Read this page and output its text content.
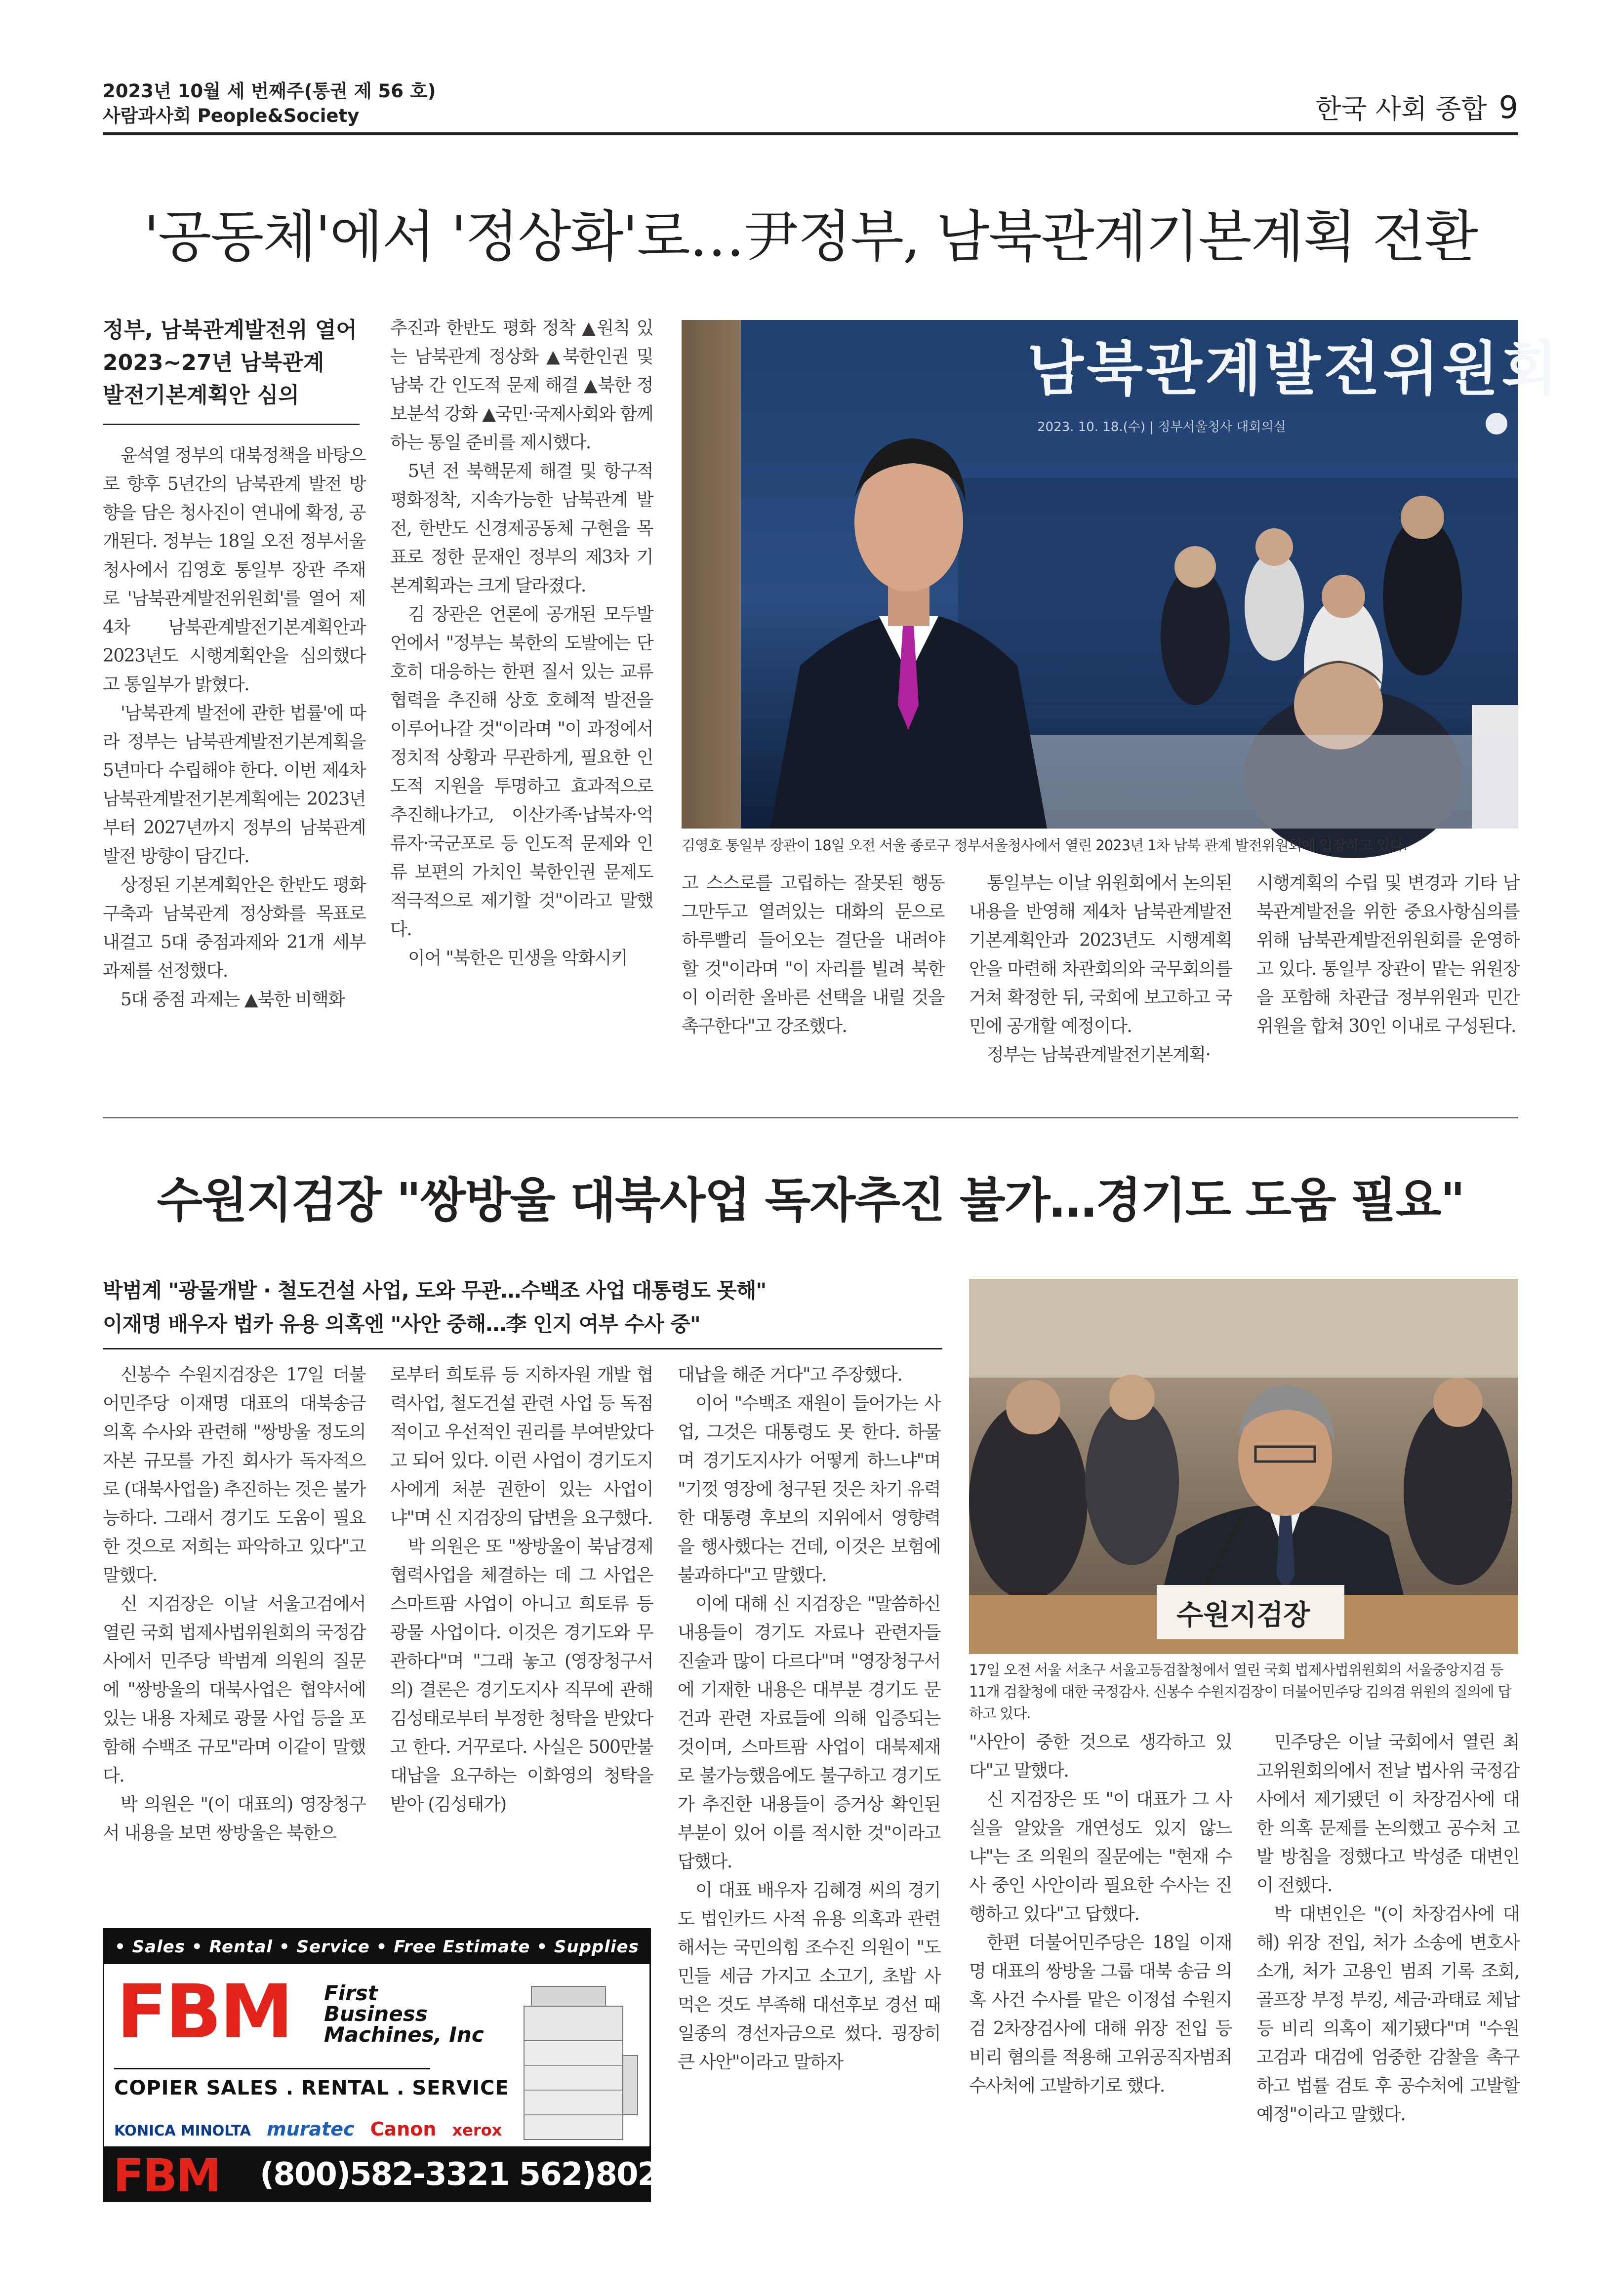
2023년 10월 세 번째주(통권 제 56 호)
사람과사회 People&Society	한국 사회 종합 9
'공동체'에서 '정상화'로…尹정부, 남북관계기본계획 전환
정부, 남북관계발전위 열어
2023~27년 남북관계
발전기본계획안 심의

윤석열 정부의 대북정책을 바탕으로 향후 5년간의 남북관계 발전 방향을 담은 청사진이 연내에 확정, 공개된다. 정부는 18일 오전 정부서울청사에서 김영호 통일부 장관 주재로 '남북관계발전위원회'를 열어 제4차 남북관계발전기본계획안과 2023년도 시행계획안을 심의했다고 통일부가 밝혔다.

'남북관계 발전에 관한 법률'에 따라 정부는 남북관계발전기본계획을 5년마다 수립해야 한다. 이번 제4차 남북관계발전기본계획에는 2023년부터 2027년까지 정부의 남북관계 발전 방향이 담긴다.

상정된 기본계획안은 한반도 평화구축과 남북관계 정상화를 목표로 내걸고 5대 중점과제와 21개 세부과제를 선정했다.

5대 중점 과제는 ▲북한 비핵화

추진과 한반도 평화 정착 ▲원칙 있는 남북관계 정상화 ▲북한인권 및 남북 간 인도적 문제 해결 ▲북한 정보분석 강화 ▲국민·국제사회와 함께하는 통일 준비를 제시했다.

5년 전 북핵문제 해결 및 항구적 평화정착, 지속가능한 남북관계 발전, 한반도 신경제공동체 구현을 목표로 정한 문재인 정부의 제3차 기본계획과는 크게 달라졌다.

김 장관은 언론에 공개된 모두발언에서 "정부는 북한의 도발에는 단호히 대응하는 한편 질서 있는 교류협력을 추진해 상호 호혜적 발전을 이루어나갈 것"이라며 "이 과정에서 정치적 상황과 무관하게, 필요한 인도적 지원을 투명하고 효과적으로 추진해나가고, 이산가족·납북자·억류자·국군포로 등 인도적 문제와 인류 보편의 가치인 북한인권 문제도 적극적으로 제기할 것"이라고 말했다.

이어 "북한은 민생을 악화시키

남북관계발전위원회
2023. 10. 18.(수) | 정부서울청사 대회의실
김영호 통일부 장관이 18일 오전 서울 종로구 정부서울청사에서 열린 2023년 1차 남북 관계 발전위원회에 입장하고 있다.

고 스스로를 고립하는 잘못된 행동 그만두고 열려있는 대화의 문으로 하루빨리 들어오는 결단을 내려야 할 것"이라며 "이 자리를 빌려 북한이 이러한 올바른 선택을 내릴 것을 촉구한다"고 강조했다.

통일부는 이날 위원회에서 논의된 내용을 반영해 제4차 남북관계발전기본계획안과 2023년도 시행계획안을 마련해 차관회의와 국무회의를 거쳐 확정한 뒤, 국회에 보고하고 국민에 공개할 예정이다.

정부는 남북관계발전기본계획·

시행계획의 수립 및 변경과 기타 남북관계발전을 위한 중요사항심의를 위해 남북관계발전위원회를 운영하고 있다. 통일부 장관이 맡는 위원장을 포함해 차관급 정부위원과 민간위원을 합쳐 30인 이내로 구성된다.

수원지검장 "쌍방울 대북사업 독자추진 불가…경기도 도움 필요"
박범계 "광물개발 · 철도건설 사업, 도와 무관…수백조 사업 대통령도 못해"
이재명 배우자 법카 유용 의혹엔 "사안 중해…李 인지 여부 수사 중"

신봉수 수원지검장은 17일 더불어민주당 이재명 대표의 대북송금 의혹 수사와 관련해 "쌍방울 정도의 자본 규모를 가진 회사가 독자적으로 (대북사업을) 추진하는 것은 불가능하다. 그래서 경기도 도움이 필요한 것으로 저희는 파악하고 있다"고 말했다.

신 지검장은 이날 서울고검에서 열린 국회 법제사법위원회의 국정감사에서 민주당 박범계 의원의 질문에 "쌍방울의 대북사업은 협약서에 있는 내용 자체로 광물 사업 등을 포함해 수백조 규모"라며 이같이 말했다.

박 의원은 "(이 대표의) 영장청구서 내용을 보면 쌍방울은 북한으

로부터 희토류 등 지하자원 개발 협력사업, 철도건설 관련 사업 등 독점적이고 우선적인 권리를 부여받았다고 되어 있다. 이런 사업이 경기도지사에게 처분 권한이 있는 사업이냐"며 신 지검장의 답변을 요구했다.

박 의원은 또 "쌍방울이 북남경제협력사업을 체결하는 데 그 사업은 스마트팜 사업이 아니고 희토류 등 광물 사업이다. 이것은 경기도와 무관하다"며 "그래 놓고 (영장청구서의) 결론은 경기도지사 직무에 관해 김성태로부터 부정한 청탁을 받았다고 한다. 거꾸로다. 사실은 500만불 대납을 요구하는 이화영의 청탁을 받아 (김성태가)

대납을 해준 거다"고 주장했다.

이어 "수백조 재원이 들어가는 사업, 그것은 대통령도 못 한다. 하물며 경기도지사가 어떻게 하느냐"며 "기껏 영장에 청구된 것은 차기 유력한 대통령 후보의 지위에서 영향력을 행사했다는 건데, 이것은 보험에 불과하다"고 말했다.

이에 대해 신 지검장은 "말씀하신 내용들이 경기도 자료나 관련자들 진술과 많이 다르다"며 "영장청구서에 기재한 내용은 대부분 경기도 문건과 관련 자료들에 의해 입증되는 것이며, 스마트팜 사업이 대북제재로 불가능했음에도 불구하고 경기도가 추진한 내용들이 증거상 확인된 부분이 있어 이를 적시한 것"이라고 답했다.

이 대표 배우자 김혜경 씨의 경기도 법인카드 사적 유용 의혹과 관련해서는 국민의힘 조수진 의원이 "도민들 세금 가지고 소고기, 초밥 사 먹은 것도 부족해 대선후보 경선 때 일종의 경선자금으로 썼다. 굉장히 큰 사안"이라고 말하자

수원지검장
17일 오전 서울 서초구 서울고등검찰청에서 열린 국회 법제사법위원회의 서울중앙지검 등 11개 검찰청에 대한 국정감사. 신봉수 수원지검장이 더불어민주당 김의겸 위원의 질의에 답하고 있다.

"사안이 중한 것으로 생각하고 있다"고 말했다.

신 지검장은 또 "이 대표가 그 사실을 알았을 개연성도 있지 않느냐"는 조 의원의 질문에는 "현재 수사 중인 사안이라 필요한 수사는 진행하고 있다"고 답했다.

한편 더불어민주당은 18일 이재명 대표의 쌍방울 그룹 대북 송금 의혹 사건 수사를 맡은 이정섭 수원지검 2차장검사에 대해 위장 전입 등 비리 혐의를 적용해 고위공직자범죄수사처에 고발하기로 했다.

민주당은 이날 국회에서 열린 최고위원회의에서 전날 법사위 국정감사에서 제기됐던 이 차장검사에 대한 의혹 문제를 논의했고 공수처 고발 방침을 정했다고 박성준 대변인이 전했다.

박 대변인은 "(이 차장검사에 대해) 위장 전입, 처가 소송에 변호사 소개, 처가 고용인 범죄 기록 조회, 골프장 부정 부킹, 세금·과태료 체납 등 비리 의혹이 제기됐다"며 "수원고검과 대검에 엄중한 감찰을 촉구하고 법률 검토 후 공수처에 고발할 예정"이라고 말했다.

• Sales • Rental • Service • Free Estimate • Supplies
FBM First
Business
Machines, Inc
COPIER SALES . RENTAL . SERVICE
KONICA MINOLTA muratec Canon xerox
FBM (800)582-3321 562)802-9044
